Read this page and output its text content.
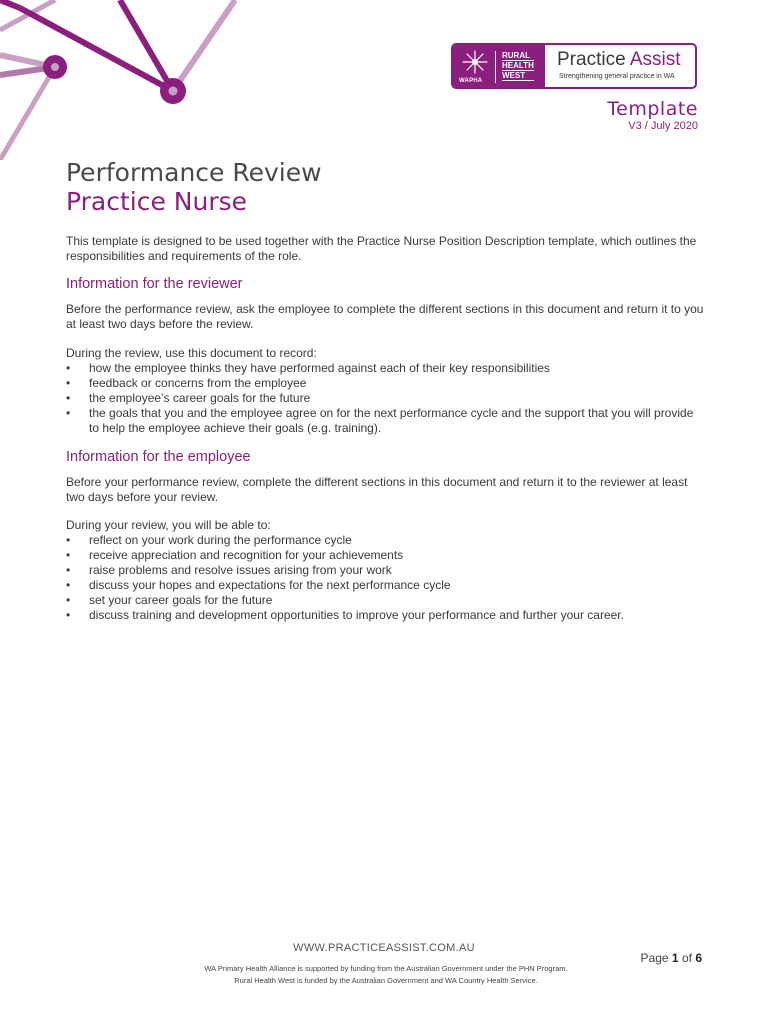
WAPHA
RURAL
HEALTH
WEST
Practice Assist
Strengthening general practice in WA
Template
V3 / July 2020
Performance Review
Practice Nurse

This template is designed to be used together with the Practice Nurse Position Description template, which outlines the responsibilities and requirements of the role.

Information for the reviewer

Before the performance review, ask the employee to complete the different sections in this document and return it to you at least two days before the review.

During the review, use this document to record:

• how the employee thinks they have performed against each of their key responsibilities
• feedback or concerns from the employee
• the employee’s career goals for the future
• the goals that you and the employee agree on for the next performance cycle and the support that you will provide to help the employee achieve their goals (e.g. training).
Information for the employee

Before your performance review, complete the different sections in this document and return it to the reviewer at least two days before your review.

During your review, you will be able to:

• reflect on your work during the performance cycle
• receive appreciation and recognition for your achievements
• raise problems and resolve issues arising from your work
• discuss your hopes and expectations for the next performance cycle
• set your career goals for the future
• discuss training and development opportunities to improve your performance and further your career.
WWW.PRACTICEASSIST.COM.AU
WA Primary Health Alliance is supported by funding from the Australian Government under the PHN Program.
Rural Health West is funded by the Australian Government and WA Country Health Service.
Page 1 of 6
